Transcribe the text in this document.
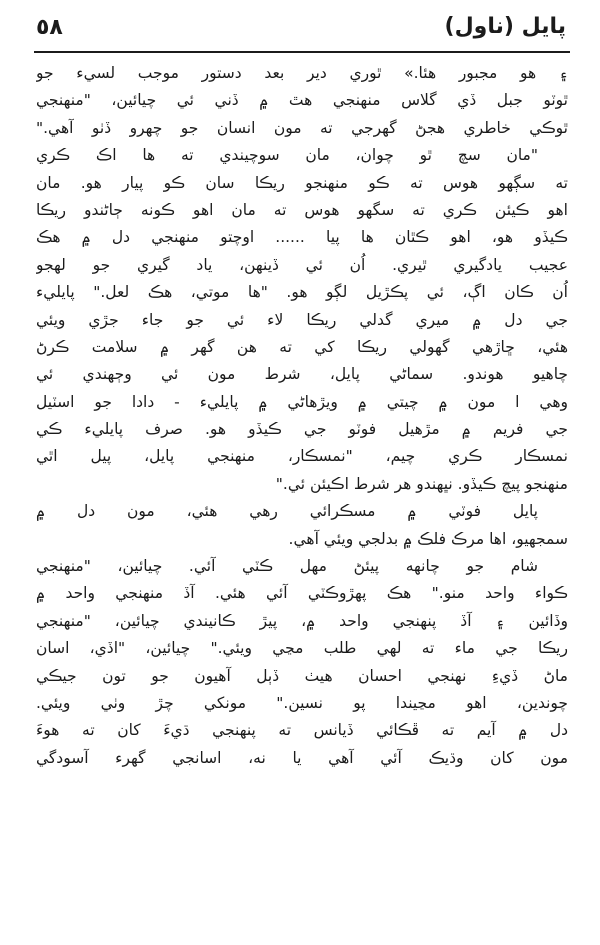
٥٨	پايل (ناول)
۽ هو مجبور هئا.» ٿوري دير بعد دستور موجب لسيء جو
ٿوٽو جبل ڏي گلاس منهنجي هٿ ۾ ڏني ئي چيائين، "منهنجي
ٿوڪي خاطري هجڻ گهرجي ته مون انسان جو چهرو ڏٺو آهي."
"مان سچ ٿو چوان، مان سوچيندي ته ها اڪ ڪري
ته سڳهو هوس ته ڪو منهنجو ريڪا سان ڪو پيار هو. مان
اهو ڪيئن ڪري ته سگهو هوس ته مان اهو ڪونه ڄاڻندو ريڪا
ڪيڏو هو، اهو ڪٿان ها پيا ...... اوچتو منهنجي دل ۾ هڪ
عجيب يادگيري ٿيري. اُن ئي ڏينهن، ياد گيري جو لهجو
اُن ڪان اڳ، ئي پڪڙيل لڳو هو. "ها موتي، هڪ لعل." پايليء
جي دل ۾ ميري گدلي ريڪا لاء ئي جو جاء جڙي ويئي
هئي، ڇاڙهي گهولي ريڪا کي ته هن گهر ۾ سلامت ڪرڻ
چاهيو هوندو. سماڻي پايل، شرط مون ئي وڄهندي ئي
وهي ا مون ۾ چيتي ۾ ويڙهاڻي ۾ پايليء - دادا جو اسٽيل
جي فريم ۾ مڙهيل فوٽو جي ڪيڏو هو. صرف پايليء ڪي
نمسڪار ڪري چيم، "نمسڪار، منهنجي پايل، پيل اٿي
منهنجو پيچ ڪيڏو. نڀهندو هر شرط اڪيئن ئي."
پايل فوٽي ۾ مسڪرائي رهي هئي، مون دل ۾
سمجهيو، اها مرڪ فلڪ ۾ بدلجي ويئي آهي.
شام جو چانهه پيئڻ مهل ڪٽي آئي. چيائين، "منهنجي
ڪواء واحد منو." هڪ پهڙوڪٽي آئي هئي. آڏ منهنجي واحد ۾
وڏائين ۽ آڏ پنهنجي واحد ۾، پيڙ ڪانيندي چيائين، "منهنجي
ريڪا جي ماء ته لهي طلب مڃي ويئي." چيائين، "اڏي، اسان
ماڻ ڏيءِ نهنجي احسان هيٺ ڏٻل آهيون جو تون جيڪي
چوندين، اهو مڃيندا پو نسين." مونکي چڙ وٺي ويئي.
دل ۾ آيم ته ڦڪائي ڏيانس ته پنهنجي ڌيءَ کان ته هوءَ
مون کان وڌيڪ آئي آهي يا نه، اسانجي گهرء آسودگي
